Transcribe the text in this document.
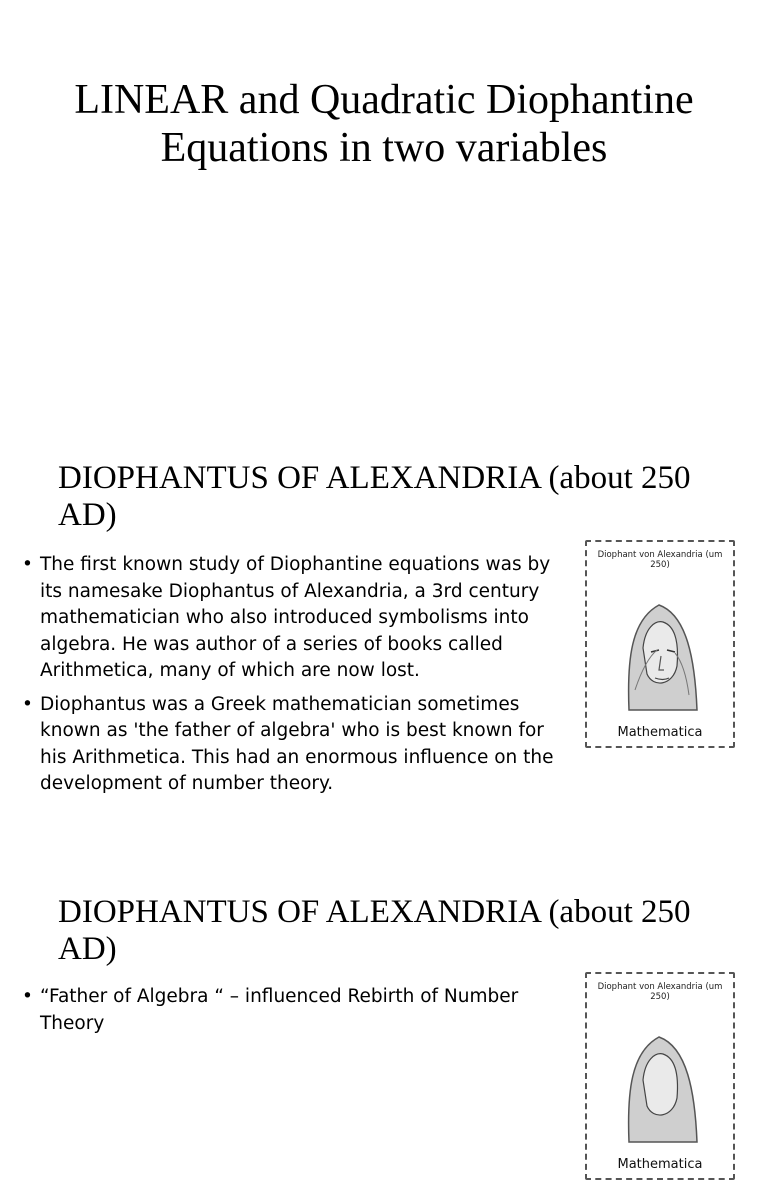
LINEAR and Quadratic Diophantine Equations in two variables
DIOPHANTUS OF ALEXANDRIA (about 250 AD)
• The first known study of Diophantine equations was by its namesake Diophantus of Alexandria, a 3rd century mathematician who also introduced symbolisms into algebra. He was author of a series of books called Arithmetica, many of which are now lost.
• Diophantus was a Greek mathematician sometimes known as 'the father of algebra' who is best known for his Arithmetica. This had an enormous influence on the development of number theory.
Diophant von Alexandria (um 250)
Mathematica
DIOPHANTUS OF ALEXANDRIA (about 250 AD)
• “Father of Algebra “ – influenced Rebirth of Number Theory
Diophant von Alexandria (um 250)
Mathematica
